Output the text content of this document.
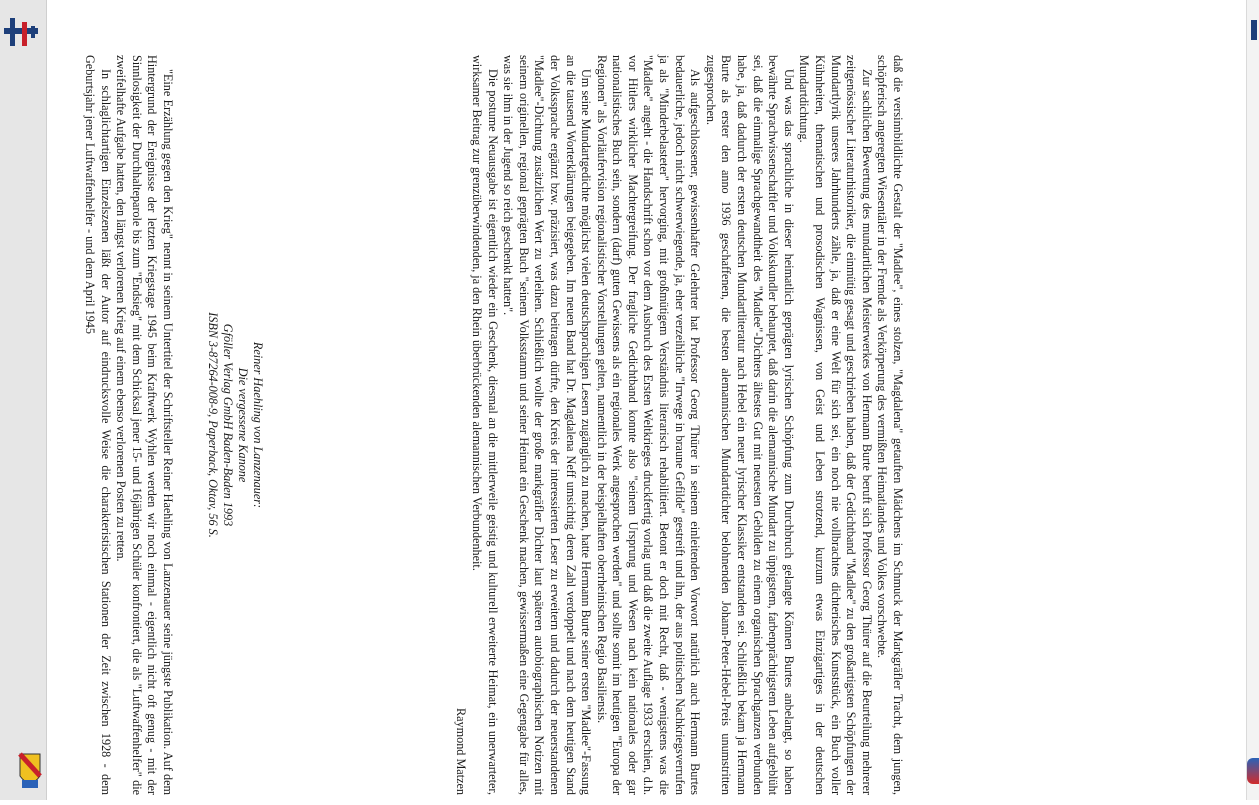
daß die versinnbildlichte Gestalt der "Madlee", eines stolzen, "Magdalena" getauften Mädchens im Schmuck der Markgräfler Tracht, dem jungen, schöpferisch angeregten Wiesentäler in der Fremde als Verkörperung des vermißten Heimatlandes und Volkes vorschwebte.

Zur sachlichen Bewertung des mundartlichen Meisterwerkes von Hermann Burte beruft sich Professor Georg Thürer auf die Beurteilung mehrerer zeitgenössischer Literaturhistoriker, die einmütig gesagt und geschrieben haben, daß der Gedichtband "Madlee" zu den großartigsten Schöpfungen der Mundartlyrik unseres Jahrhunderts zähle, ja, daß er eine Welt für sich sei, ein noch nie vollbrachtes dichterisches Kunststück, ein Buch voller Kühnheiten, thematischen und prosodischen Wagnissen, von Geist und Leben strotzend, kurzum etwas Einzigartiges in der deutschen Mundartdichtung.

Und was das sprachliche in dieser heimatlich geprägten lyrischen Schöpfung zum Durchbruch gelangte Können Burtes anbelangt, so haben bewährte Sprachwissenschaftler und Volkskundler behauptet, daß darin die alemannische Mundart zu üppigstem, farbenprächtigstem Leben aufgeblüht sei, daß die einmalige Sprachgewandtheit des "Madlee"-Dichters ältestes Gut mit neuesten Gebilden zu einem organischen Sprachganzen verbunden habe, ja, daß dadurch der ersten deutschen Mundartliteratur nach Hebel ein neuer lyrischer Klassiker entstanden sei. Schließlich bekam ja Hermann Burte als erster den anno 1936 geschaffenen, die besten alemannischen Mundartdichter belohnenden Johann-Peter-Hebel-Preis unumstritten zugesprochen.

Als aufgeschlossener, gewissenhafter Gelehrter hat Professor Georg Thürer in seinem einleitenden Vorwort natürlich auch Hermann Burtes bedauerliche, jedoch nicht schwerwiegende, ja, eher verzeihliche "Irrwege in braune Gefilde" gestreift und ihn, der aus politischen Nachkriegsverrufen ja als "Minderbelasteter" hervorging, mit großmütigem Verständnis literarisch rehabilitiert. Betont er doch mit Recht, daß - wenigstens was die "Madlee" angeht - die Handschrift schon vor dem Ausbruch des Ersten Weltkrieges druckfertig vorlag und daß die zweite Auflage 1933 erschien, d.h. vor Hitlers wirklicher Machtergreifung. Der fragliche Gedichtband konnte also "seinem Ursprung und Wesen nach kein nationales oder gar nationalistisches Buch sein, sondern (darf) guten Gewissens als ein regionales Werk angesprochen werden" und sollte somit im heutigen "Europa der Regionen" als Vorläufervision regionalistischer Vorstellungen gelten, namentlich in der beispielhaften oberrheinischen Regio Basiliensis.

Um seine Mundartgedichte möglichst vielen deutschsprachigen Lesern zugänglich zu machen, hatte Hermann Burte seiner ersten "Madlee"-Fassung an die tausend Worterklärungen beigegeben. Im neuen Band hat Dr. Magdalena Neff umsichtig deren Zahl verdoppelt und nach dem heutigen Stand der Volkssprache ergänzt bzw. präzisiert, was dazu beitragen dürfte, den Kreis der interessierten Leser zu erweitern und dadurch der neuerstandenen "Madlee"-Dichtung zusätzlichen Wert zu verleihen. Schließlich wollte der große markgräfler Dichter laut späteren autobiographischen Notizen mit seinem originellen, regional geprägten Buch "seinem Volksstamm und seiner Heimat ein Geschenk machen, gewissermaßen eine Gegengabe für alles, was sie ihm in der Jugend so reich geschenkt hatten".

Die postume Neuausgabe ist eigentlich wieder ein Geschenk, diesmal an die mittlerweile geistig und kulturell erweiterte Heimat, ein unerwarteter, wirksamer Beitrag zur grenzüberwindenden, ja den Rhein überbrückenden alemannischen Verbundenheit.

Raymond Matzen

Reiner Haehling von Lanzenauer:
Die vergessene Kanone
Gföller Verlag GmbH Baden-Baden 1993
ISBN 3-87264-008-9, Paperback, Oktav, 56 S.

"Eine Erzählung gegen den Krieg" nennt in seinem Untertitel der Schriftsteller Reiner Haehling von Lanzenauer seine jüngste Publikation. Auf dem Hintergrund der Ereignisse der letzten Kriegstage 1945 beim Kraftwerk Wyhlen werden wir noch einmal - eigentlich nicht oft genug - mit der Sinnlosigkeit der Durchhalteparole bis zum "Endsieg" mit dem Schicksal jener 15- und 16jährigen Schüler konfrontiert, die als "Luftwaffenhelfer" die zweifelhafte Aufgabe hatten, den längst verlorenen Krieg auf einem ebenso verlorenen Posten zu retten.

In schlaglichtartigen Einzelszenen läßt der Autor auf eindrucksvolle Weise die charakteristischen Stationen der Zeit zwischen 1928 - dem Geburtsjahr jener Luftwaffenhelfer - und dem April 1945
